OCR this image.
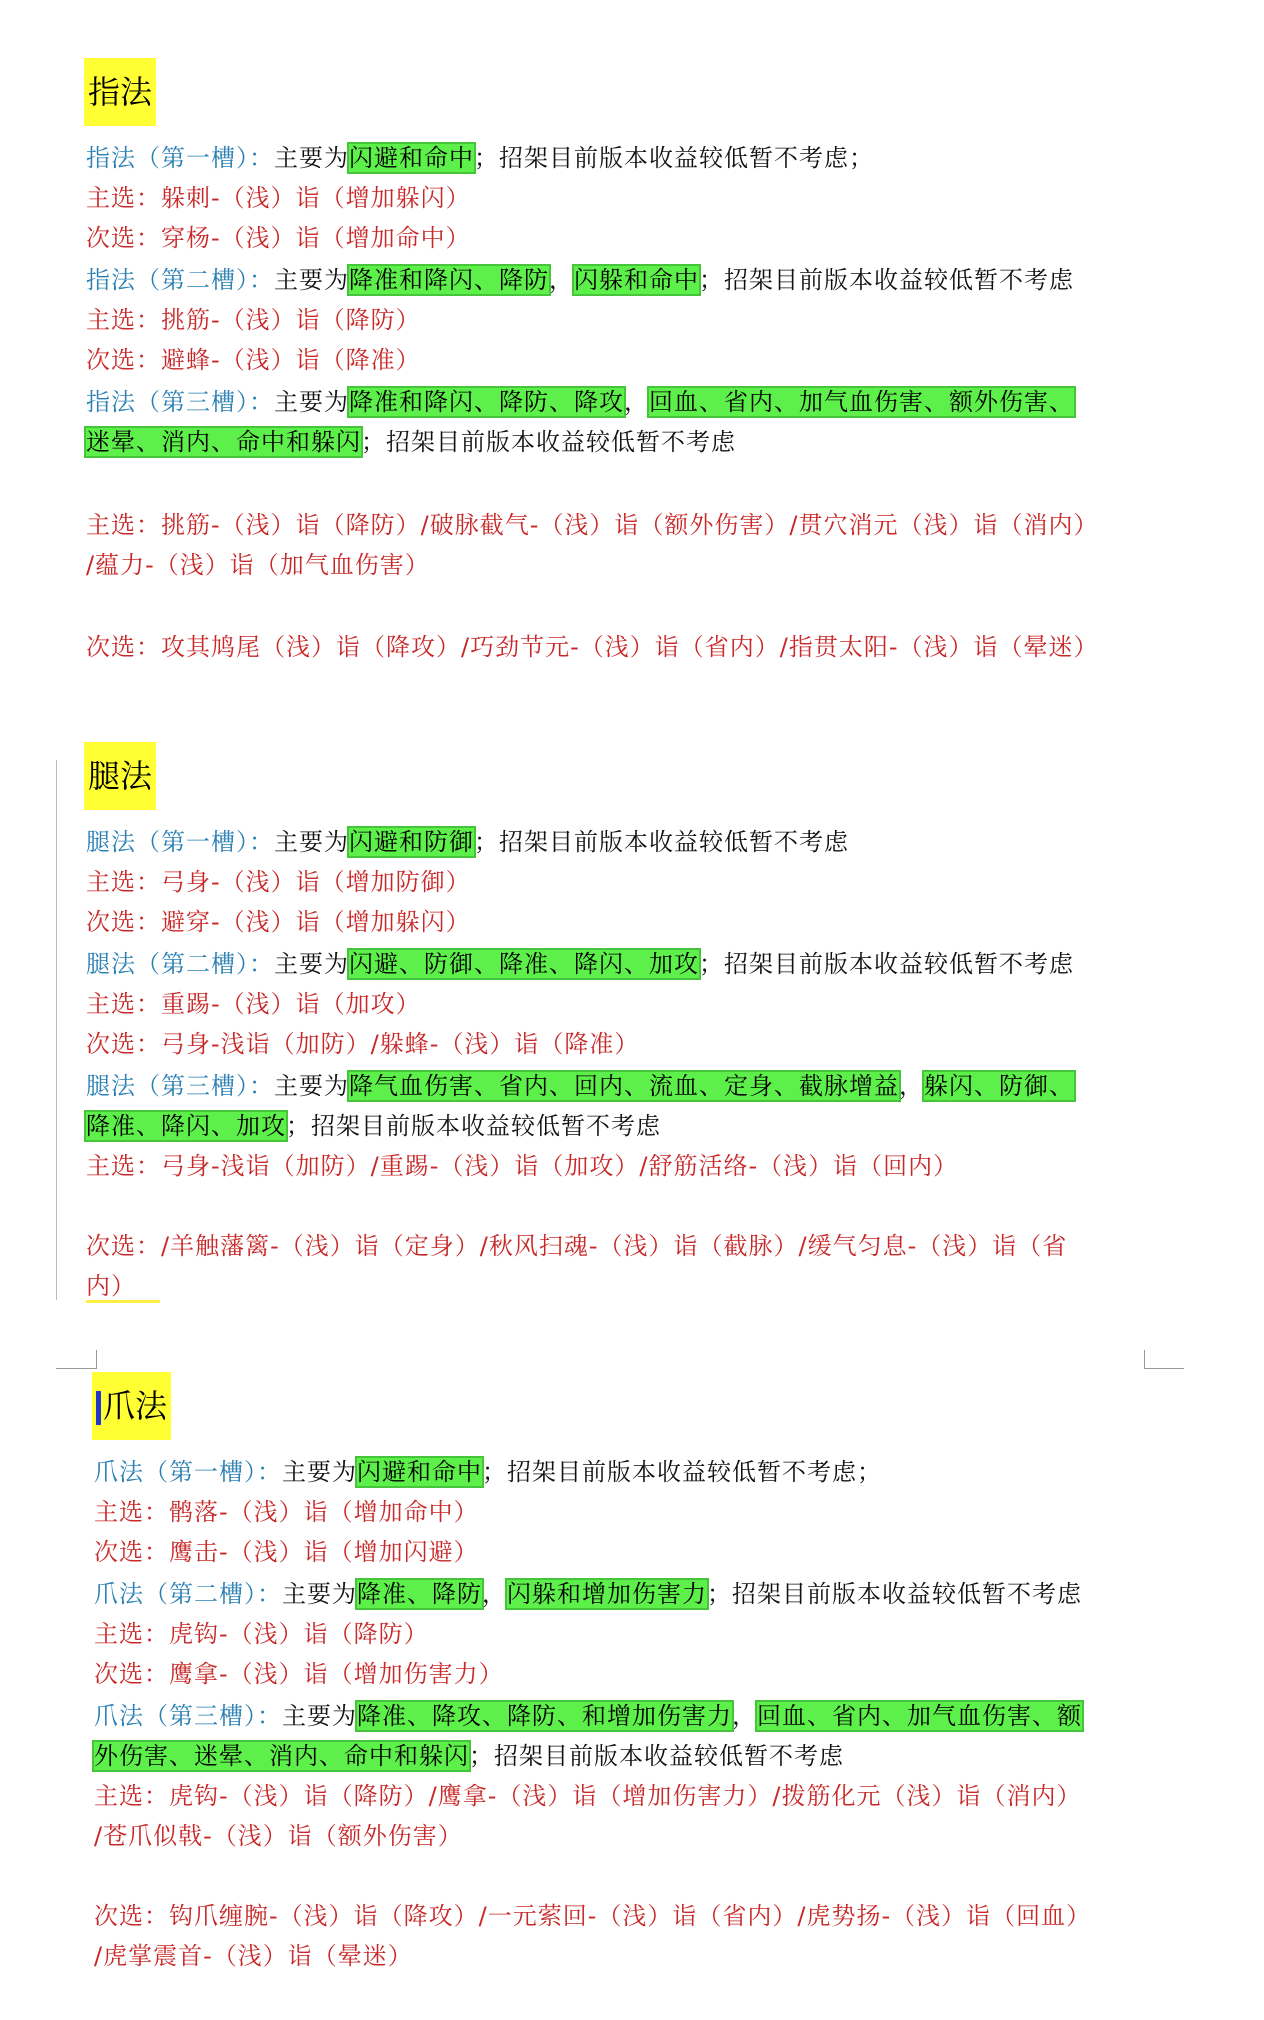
指法
指法（第一槽）：主要为闪避和命中；招架目前版本收益较低暂不考虑；
主选：躲刺-（浅）诣（增加躲闪）
次选：穿杨-（浅）诣（增加命中）
指法（第二槽）：主要为降准和降闪、降防，闪躲和命中；招架目前版本收益较低暂不考虑
主选：挑筋-（浅）诣（降防）
次选：避蜂-（浅）诣（降准）
指法（第三槽）：主要为降准和降闪、降防、降攻，回血、省内、加气血伤害、额外伤害、
迷晕、消内、命中和躲闪；招架目前版本收益较低暂不考虑
主选：挑筋-（浅）诣（降防）/破脉截气-（浅）诣（额外伤害）/贯穴消元（浅）诣（消内）
/蕴力-（浅）诣（加气血伤害）
次选：攻其鸠尾（浅）诣（降攻）/巧劲节元-（浅）诣（省内）/指贯太阳-（浅）诣（晕迷）
腿法
腿法（第一槽）：主要为闪避和防御；招架目前版本收益较低暂不考虑
主选：弓身-（浅）诣（增加防御）
次选：避穿-（浅）诣（增加躲闪）
腿法（第二槽）：主要为闪避、防御、降准、降闪、加攻；招架目前版本收益较低暂不考虑
主选：重踢-（浅）诣（加攻）
次选：弓身-浅诣（加防）/躲蜂-（浅）诣（降准）
腿法（第三槽）：主要为降气血伤害、省内、回内、流血、定身、截脉增益，躲闪、防御、
降准、降闪、加攻；招架目前版本收益较低暂不考虑
主选：弓身-浅诣（加防）/重踢-（浅）诣（加攻）/舒筋活络-（浅）诣（回内）
次选：/羊触藩篱-（浅）诣（定身）/秋风扫魂-（浅）诣（截脉）/缓气匀息-（浅）诣（省
内）
爪法
爪法（第一槽）：主要为闪避和命中；招架目前版本收益较低暂不考虑；
主选：鹘落-（浅）诣（增加命中）
次选：鹰击-（浅）诣（增加闪避）
爪法（第二槽）：主要为降准、降防，闪躲和增加伤害力；招架目前版本收益较低暂不考虑
主选：虎钩-（浅）诣（降防）
次选：鹰拿-（浅）诣（增加伤害力）
爪法（第三槽）：主要为降准、降攻、降防、和增加伤害力，回血、省内、加气血伤害、额
外伤害、迷晕、消内、命中和躲闪；招架目前版本收益较低暂不考虑
主选：虎钩-（浅）诣（降防）/鹰拿-（浅）诣（增加伤害力）/拨筋化元（浅）诣（消内）
/苍爪似戟-（浅）诣（额外伤害）
次选：钩爪缠腕-（浅）诣（降攻）/一元萦回-（浅）诣（省内）/虎势扬-（浅）诣（回血）
/虎掌震首-（浅）诣（晕迷）
